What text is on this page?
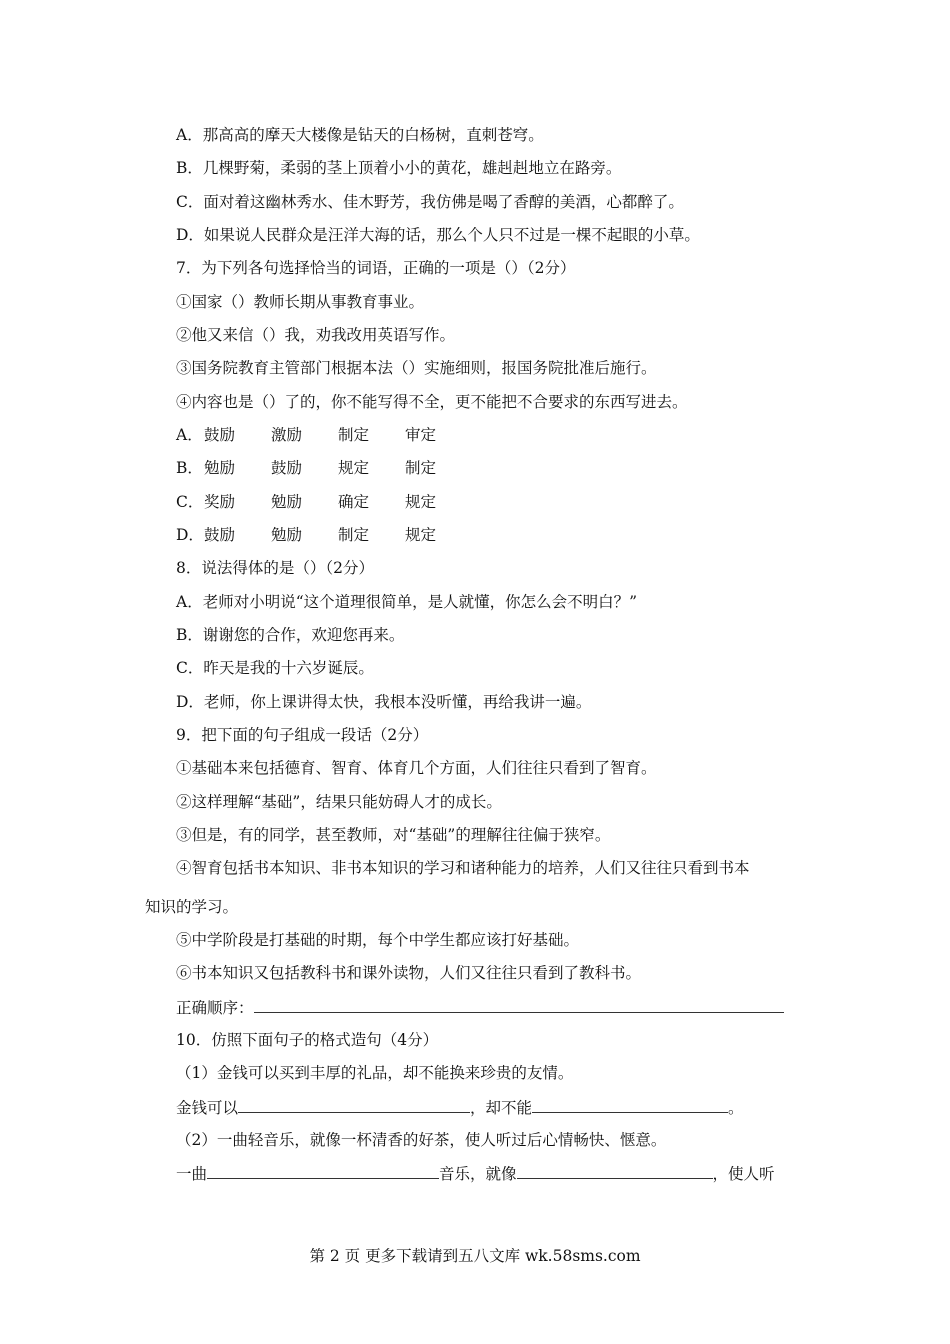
A．那高高的摩天大楼像是钻天的白杨树，直刺苍穹。
B．几棵野菊，柔弱的茎上顶着小小的黄花，雄赳赳地立在路旁。
C．面对着这幽林秀水、佳木野芳，我仿佛是喝了香醇的美酒，心都醉了。
D．如果说人民群众是汪洋大海的话，那么个人只不过是一棵不起眼的小草。
7．为下列各句选择恰当的词语，正确的一项是（）（2分）
①国家（）教师长期从事教育事业。
②他又来信（）我，劝我改用英语写作。
③国务院教育主管部门根据本法（）实施细则，报国务院批准后施行。
④内容也是（）了的，你不能写得不全，更不能把不合要求的东西写进去。
A．鼓励 激励 制定 审定
B．勉励 鼓励 规定 制定
C．奖励 勉励 确定 规定
D．鼓励 勉励 制定 规定
8．说法得体的是（）（2分）
A．老师对小明说“这个道理很简单，是人就懂，你怎么会不明白？”
B．谢谢您的合作，欢迎您再来。
C．昨天是我的十六岁诞辰。
D．老师，你上课讲得太快，我根本没听懂，再给我讲一遍。
9．把下面的句子组成一段话（2分）
①基础本来包括德育、智育、体育几个方面，人们往往只看到了智育。
②这样理解“基础”，结果只能妨碍人才的成长。
③但是，有的同学，甚至教师，对“基础”的理解往往偏于狭窄。
④智育包括书本知识、非书本知识的学习和诸种能力的培养，人们又往往只看到书本
知识的学习。
⑤中学阶段是打基础的时期，每个中学生都应该打好基础。
⑥书本知识又包括教科书和课外读物，人们又往往只看到了教科书。
正确顺序：
10．仿照下面句子的格式造句（4分）
（1）金钱可以买到丰厚的礼品，却不能换来珍贵的友情。
金钱可以	，却不能	。
（2）一曲轻音乐，就像一杯清香的好茶，使人听过后心情畅快、惬意。
一曲	音乐，就像	，使人听
第 2 页 更多下载请到五八文库 wk.58sms.com
